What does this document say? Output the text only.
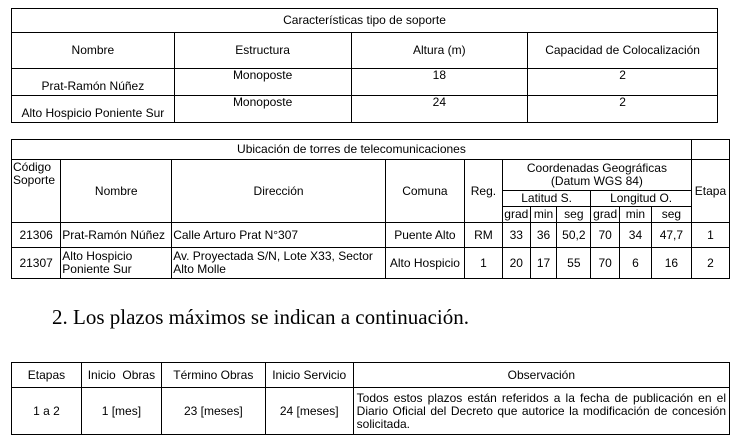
Características tipo de soporte			
Nombre	Estructura	Altura (m)	Capacidad de Colocalización
Prat-Ramón Núñez	Monoposte	18	2
Alto Hospicio Poniente Sur	Monoposte	24	2
Ubicación de torres de telecomunicaciones											
Código Soporte	Nombre	Dirección	Comuna	Reg.	Coordenadas Geográficas (Datum WGS 84)						Etapa
					Latitud S.			Longitud O.			
					grad	min	seg	grad	min	seg	
21306	Prat-Ramón Núñez	Calle Arturo Prat N°307	Puente Alto	RM	33	36	50,2	70	34	47,7	1
21307	Alto Hospicio Poniente Sur	Av. Proyectada S/N, Lote X33, Sector Alto Molle	Alto Hospicio	1	20	17	55	70	6	16	2
2. Los plazos máximos se indican a continuación.
Etapas	Inicio  Obras	Término Obras	Inicio Servicio	Observación
1 a 2	1 [mes]	23 [meses]	24 [meses]	Todos estos plazos están referidos a la fecha de publicación en el Diario Oficial del Decreto que autorice la modificación de concesión solicitada.
